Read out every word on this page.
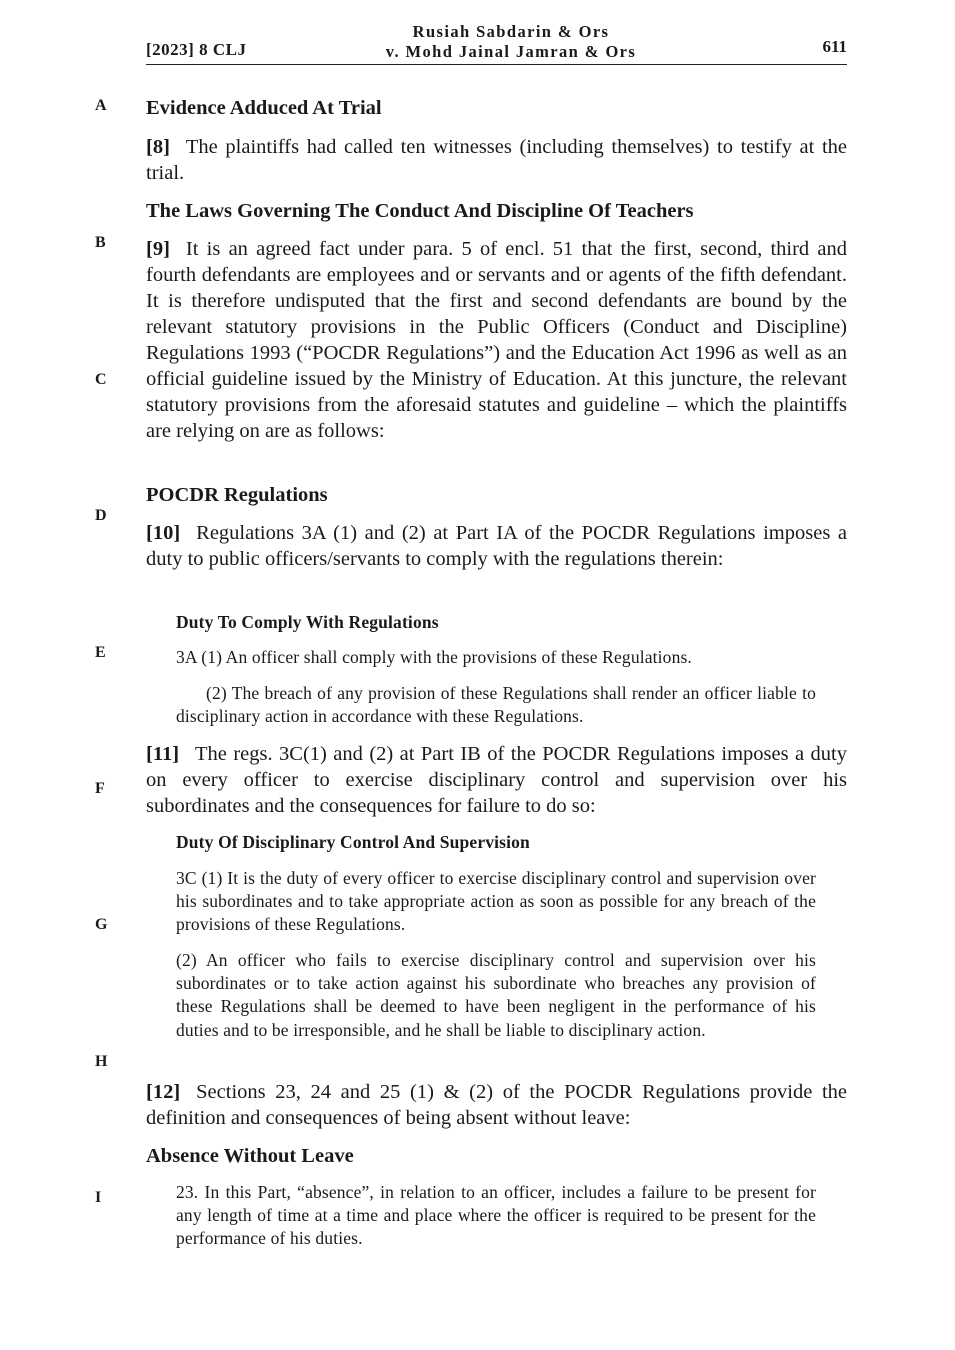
[2023] 8 CLJ
Rusiah Sabdarin & Ors
v. Mohd Jainal Jamran & Ors	611
A
B
C
D
E
F
G
H
I
Evidence Adduced At Trial
[8] The plaintiffs had called ten witnesses (including themselves) to testify at the trial.
The Laws Governing The Conduct And Discipline Of Teachers
[9] It is an agreed fact under para. 5 of encl. 51 that the first, second, third and fourth defendants are employees and or servants and or agents of the fifth defendant. It is therefore undisputed that the first and second defendants are bound by the relevant statutory provisions in the Public Officers (Conduct and Discipline) Regulations 1993 (“POCDR Regulations”) and the Education Act 1996 as well as an official guideline issued by the Ministry of Education. At this juncture, the relevant statutory provisions from the aforesaid statutes and guideline – which the plaintiffs are relying on are as follows:
POCDR Regulations
[10] Regulations 3A (1) and (2) at Part IA of the POCDR Regulations imposes a duty to public officers/servants to comply with the regulations therein:
Duty To Comply With Regulations
3A (1) An officer shall comply with the provisions of these Regulations.
(2) The breach of any provision of these Regulations shall render an officer liable to disciplinary action in accordance with these Regulations.
[11] The regs. 3C(1) and (2) at Part IB of the POCDR Regulations imposes a duty on every officer to exercise disciplinary control and supervision over his subordinates and the consequences for failure to do so:
Duty Of Disciplinary Control And Supervision
3C (1) It is the duty of every officer to exercise disciplinary control and supervision over his subordinates and to take appropriate action as soon as possible for any breach of the provisions of these Regulations.
(2) An officer who fails to exercise disciplinary control and supervision over his subordinates or to take action against his subordinate who breaches any provision of these Regulations shall be deemed to have been negligent in the performance of his duties and to be irresponsible, and he shall be liable to disciplinary action.
[12] Sections 23, 24 and 25 (1) & (2) of the POCDR Regulations provide the definition and consequences of being absent without leave:
Absence Without Leave
23. In this Part, “absence”, in relation to an officer, includes a failure to be present for any length of time at a time and place where the officer is required to be present for the performance of his duties.
